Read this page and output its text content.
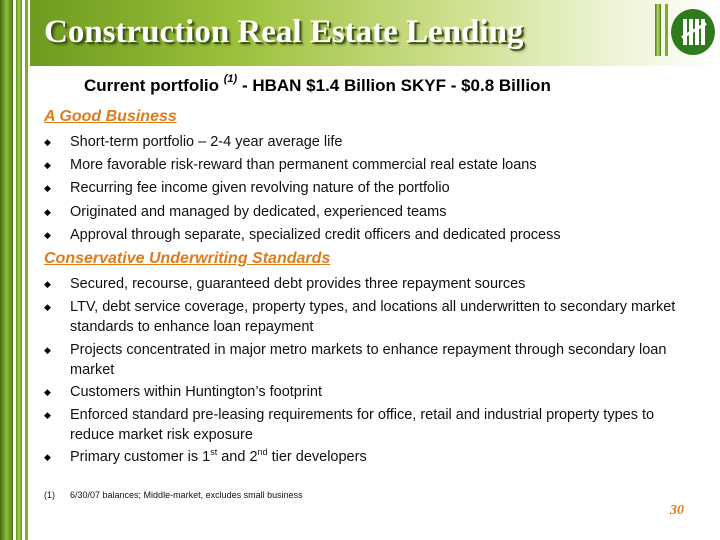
Construction Real Estate Lending
Current portfolio $^{(1)}$ - HBAN $1.4 Billion SKYF - $0.8 Billion
A Good Business
◆ Short-term portfolio – 2-4 year average life
◆ More favorable risk-reward than permanent commercial real estate loans
◆ Recurring fee income given revolving nature of the portfolio
◆ Originated and managed by dedicated, experienced teams
◆ Approval through separate, specialized credit officers and dedicated process
Conservative Underwriting Standards
◆ Secured, recourse, guaranteed debt provides three repayment sources
◆ LTV, debt service coverage, property types, and locations all underwritten to secondary market standards to enhance loan repayment
◆ Projects concentrated in major metro markets to enhance repayment through secondary loan market
◆ Customers within Huntington’s footprint
◆ Enforced standard pre-leasing requirements for office, retail and industrial property types to reduce market risk exposure
◆ Primary customer is 1st and 2nd tier developers
(1) 6/30/07 balances; Middle-market, excludes small business
30
